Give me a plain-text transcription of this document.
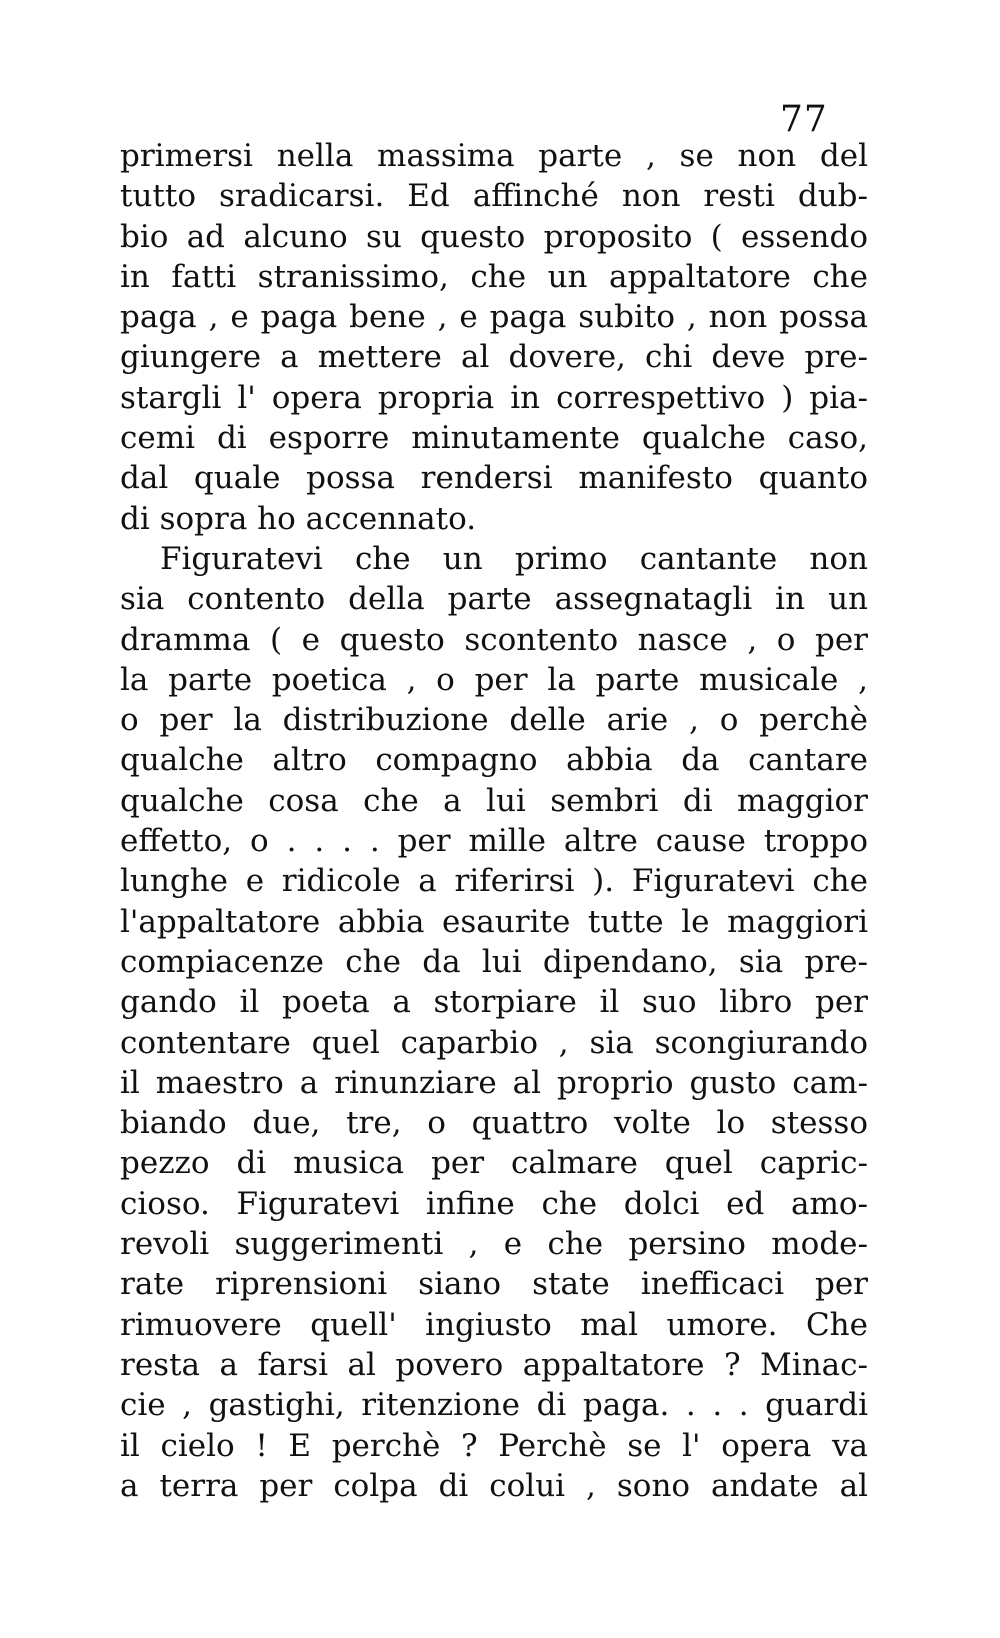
77
primersi nella massima parte , se non del
tutto sradicarsi. Ed affinché non resti dub-
bio ad alcuno su questo proposito ( essendo
in fatti stranissimo, che un appaltatore che
paga , e paga bene , e paga subito , non possa
giungere a mettere al dovere, chi deve pre-
stargli l' opera propria in correspettivo ) pia-
cemi di esporre minutamente qualche caso,
dal quale possa rendersi manifesto quanto
di sopra ho accennato.
Figuratevi che un primo cantante non
sia contento della parte assegnatagli in un
dramma ( e questo scontento nasce , o per
la parte poetica , o per la parte musicale ,
o per la distribuzione delle arie , o perchè
qualche altro compagno abbia da cantare
qualche cosa che a lui sembri di maggior
effetto, o . . . . per mille altre cause troppo
lunghe e ridicole a riferirsi ). Figuratevi che
l'appaltatore abbia esaurite tutte le maggiori
compiacenze che da lui dipendano, sia pre-
gando il poeta a storpiare il suo libro per
contentare quel caparbio , sia scongiurando
il maestro a rinunziare al proprio gusto cam-
biando due, tre, o quattro volte lo stesso
pezzo di musica per calmare quel capric-
cioso. Figuratevi infine che dolci ed amo-
revoli suggerimenti , e che persino mode-
rate riprensioni siano state inefficaci per
rimuovere quell' ingiusto mal umore. Che
resta a farsi al povero appaltatore ? Minac-
cie , gastighi, ritenzione di paga. . . . guardi
il cielo ! E perchè ? Perchè se l' opera va
a terra per colpa di colui , sono andate al
